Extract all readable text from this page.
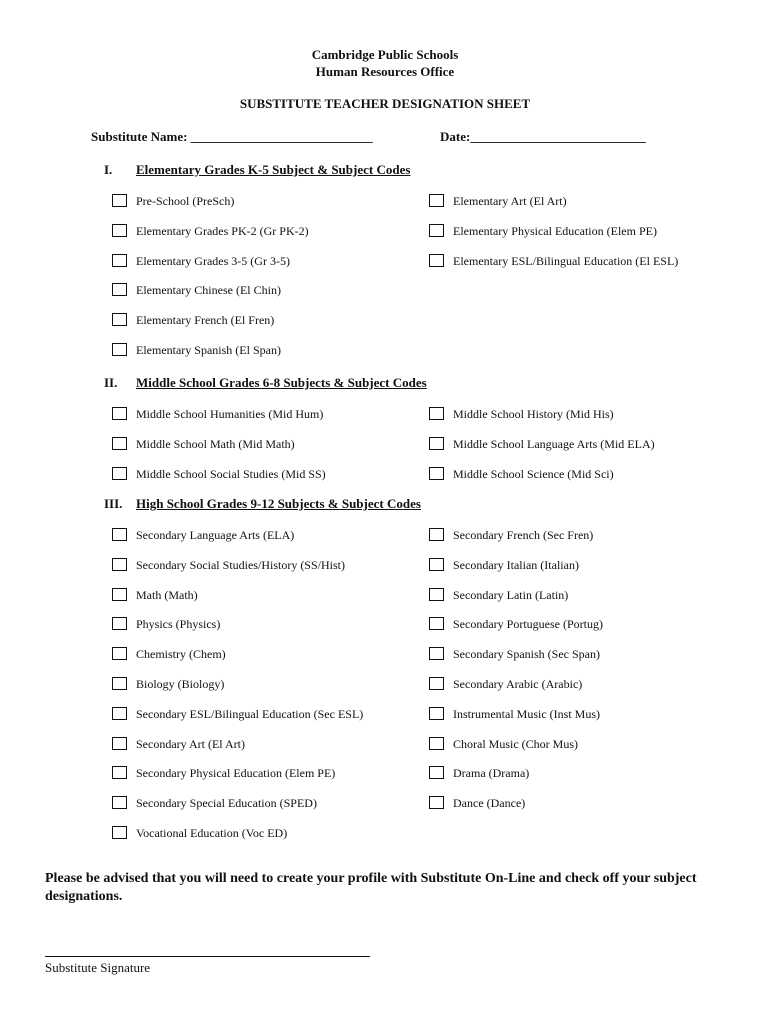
Cambridge Public Schools
Human Resources Office
SUBSTITUTE TEACHER DESIGNATION SHEET
Substitute Name: ____________________________	Date:___________________________
I. Elementary Grades K-5 Subject & Subject Codes
Pre-School (PreSch)
Elementary Grades PK-2 (Gr PK-2)
Elementary Grades 3-5 (Gr 3-5)
Elementary Chinese (El Chin)
Elementary French (El Fren)
Elementary Spanish (El Span)
Elementary Art (El Art)
Elementary Physical Education (Elem PE)
Elementary ESL/Bilingual Education (El ESL)
II. Middle School Grades 6-8 Subjects & Subject Codes
Middle School Humanities (Mid Hum)
Middle School Math (Mid Math)
Middle School Social Studies (Mid SS)
Middle School History (Mid His)
Middle School Language Arts (Mid ELA)
Middle School Science (Mid Sci)
III. High School Grades 9-12 Subjects & Subject Codes
Secondary Language Arts (ELA)
Secondary Social Studies/History (SS/Hist)
Math (Math)
Physics (Physics)
Chemistry (Chem)
Biology (Biology)
Secondary ESL/Bilingual Education (Sec ESL)
Secondary Art (El Art)
Secondary Physical Education (Elem PE)
Secondary Special Education (SPED)
Vocational Education (Voc ED)
Secondary French (Sec Fren)
Secondary Italian (Italian)
Secondary Latin (Latin)
Secondary Portuguese (Portug)
Secondary Spanish (Sec Span)
Secondary Arabic (Arabic)
Instrumental Music (Inst Mus)
Choral Music (Chor Mus)
Drama (Drama)
Dance (Dance)
Please be advised that you will need to create your profile with Substitute On-Line and check off your subject designations.
Substitute Signature
